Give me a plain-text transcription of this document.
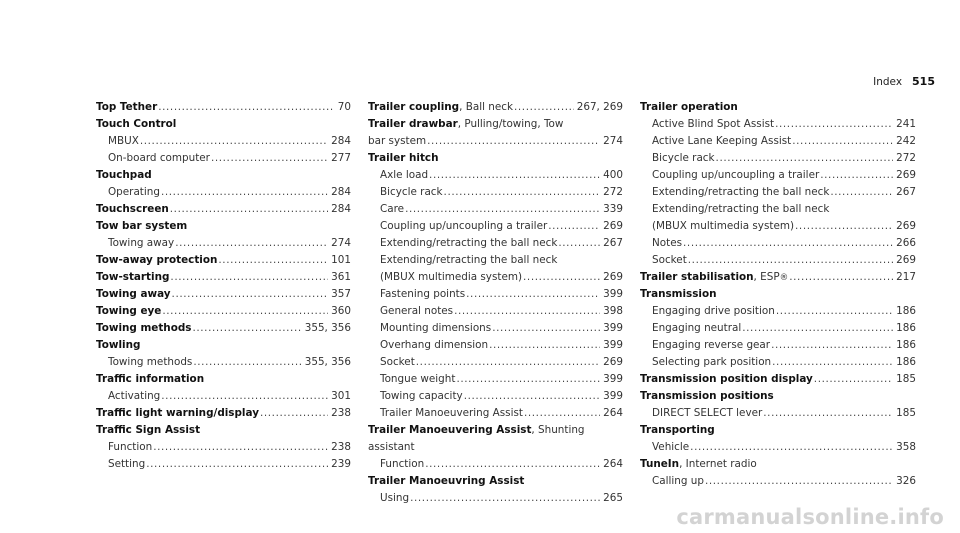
Index 515
Top Tether .....	70
Touch Control
MBUX .....	284
On-board computer .....	277
Touchpad
Operating .....	284
Touchscreen .....	284
Tow bar system
Towing away .....	274
Tow-away protection .....	101
Tow-starting .....	361
Towing away .....	357
Towing eye .....	360
Towing methods .....	355, 356
Towling
Towing methods .....	355, 356
Traffic information
Activating .....	301
Traffic light warning/display .....	238
Traffic Sign Assist
Function .....	238
Setting .....	239
Trailer coupling , Ball neck .....	267, 269
Trailer drawbar , Pulling/towing, Tow
bar system .....	274
Trailer hitch
Axle load .....	400
Bicycle rack .....	272
Care .....	339
Coupling up/uncoupling a trailer .....	269
Extending/retracting the ball neck .....	267
Extending/retracting the ball neck
(MBUX multimedia system) .....	269
Fastening points .....	399
General notes .....	398
Mounting dimensions .....	399
Overhang dimension .....	399
Socket .....	269
Tongue weight .....	399
Towing capacity .....	399
Trailer Manoeuvering Assist .....	264
Trailer Manoeuvering Assist , Shunting
assistant
Function .....	264
Trailer Manoeuvring Assist
Using .....	265
Trailer operation
Active Blind Spot Assist .....	241
Active Lane Keeping Assist .....	242
Bicycle rack .....	272
Coupling up/uncoupling a trailer .....	269
Extending/retracting the ball neck .....	267
Extending/retracting the ball neck
(MBUX multimedia system) .....	269
Notes .....	266
Socket .....	269
Trailer stabilisation , ESP ® .....	217
Transmission
Engaging drive position .....	186
Engaging neutral .....	186
Engaging reverse gear .....	186
Selecting park position .....	186
Transmission position display .....	185
Transmission positions
DIRECT SELECT lever .....	185
Transporting
Vehicle .....	358
TuneIn , Internet radio
Calling up .....	326
carmanualsonline.info
